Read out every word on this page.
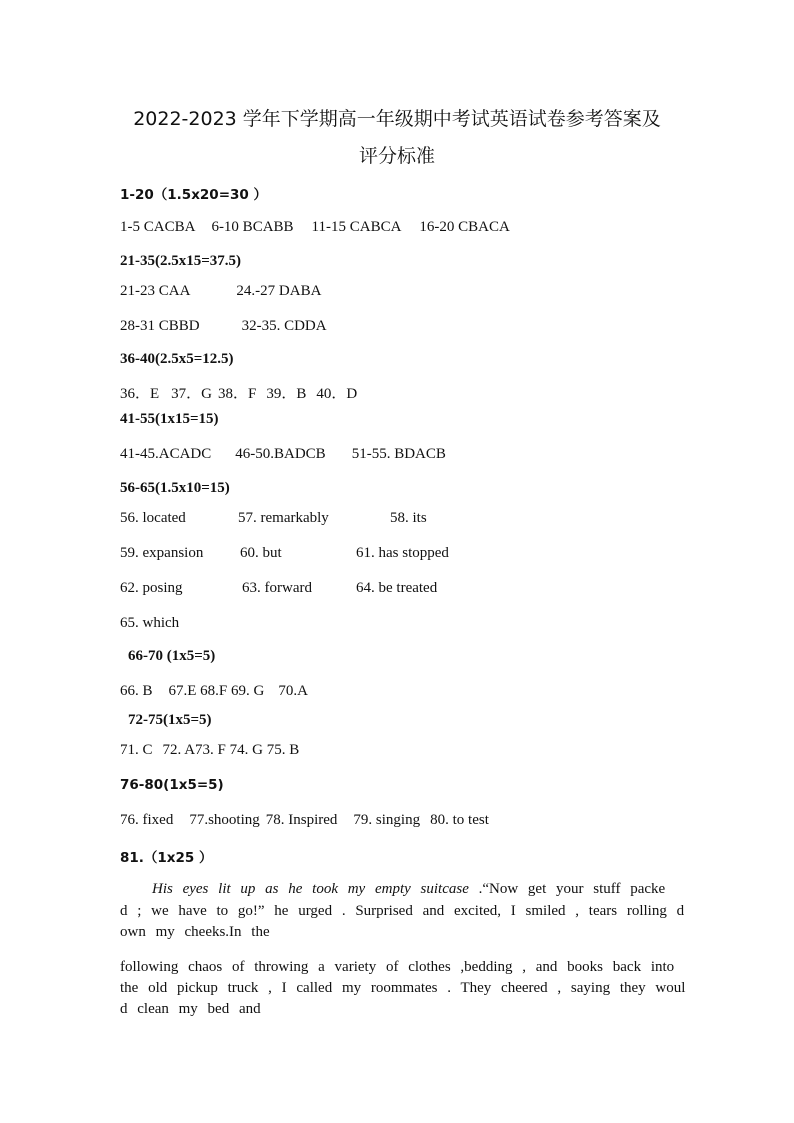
2022-2023 学年下学期高一年级期中考试英语试卷参考答案及
评分标准
1-20（1.5x20=30 ）
1-5 CACBA 6-10 BCABB 11-15 CABCA 16-20 CBACA
21-35(2.5x15=37.5)
21-23 CAA	24.-27 DABA
28-31 CBBD	32-35. CDDA
36-40(2.5x5=12.5)
36．E 37．G 38．F 39．B 40．D
41-55(1x15=15)
41-45.ACADC 46-50.BADCB 51-55. BDACB
56-65(1.5x10=15)
56. located	57. remarkably	58. its
59. expansion 60. but	61. has stopped
62. posing	63. forward	64. be treated
65. which
66-70 (1x5=5)
66. B 67.E 68.F 69. G 70.A
72-75(1x5=5)
71. C 72. A73. F 74. G 75. B
76-80(1x5=5)
76. fixed 77.shooting 78. Inspired 79. singing 80. to test
81.（1x25 ）
His eyes lit up as he took my empty suitcase .“Now get your stuff packe
d ; we have to go!” he urged . Surprised and excited, I smiled , tears rolling d
own my cheeks.In the
following chaos of throwing a variety of clothes ,bedding , and books back into
the old pickup truck , I called my roommates . They cheered , saying they woul
d clean my bed and
